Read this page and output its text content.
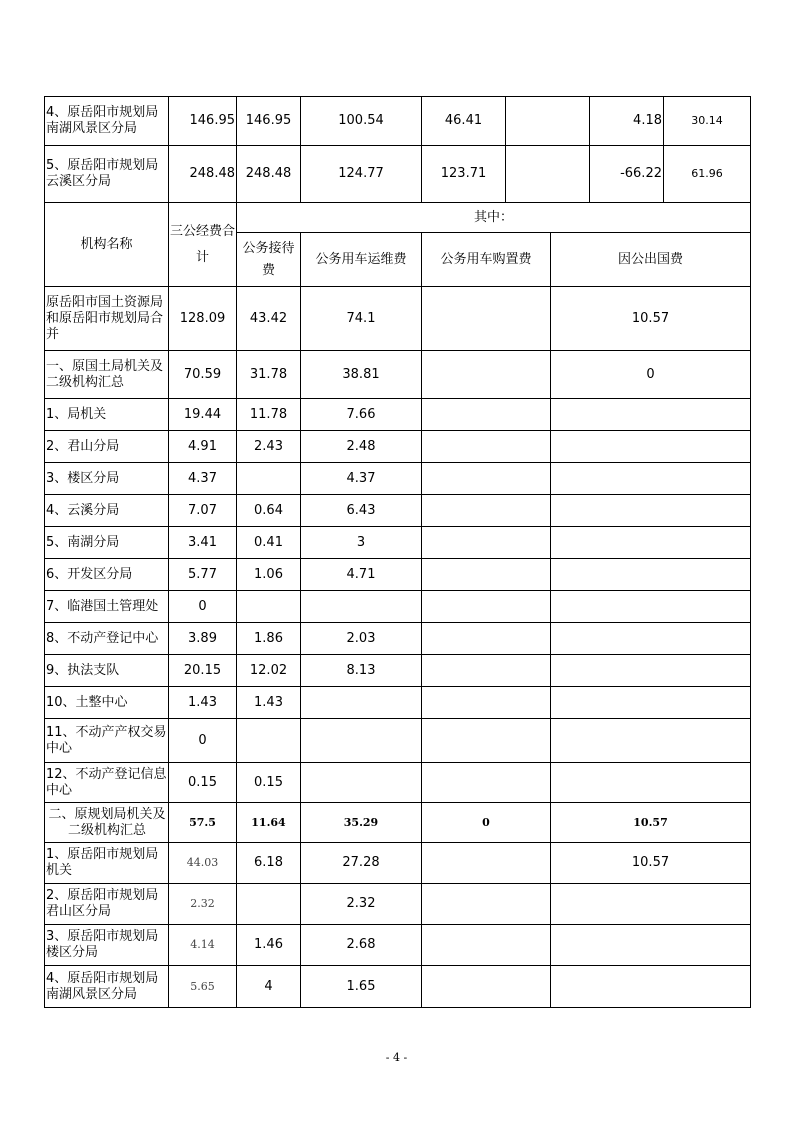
4、原岳阳市规划局南湖风景区分局	146.95	146.95	100.54	46.41		4.18	30.14
5、原岳阳市规划局云溪区分局	248.48	248.48	124.77	123.71		-66.22	61.96
机构名称	三公经费合计	其中：			
		公务接待费	公务用车运维费	公务用车购置费	因公出国费
原岳阳市国土资源局和原岳阳市规划局合并	128.09	43.42	74.1		10.57
一、原国土局机关及二级机构汇总	70.59	31.78	38.81		0
1、局机关	19.44	11.78	7.66		
2、君山分局	4.91	2.43	2.48		
3、楼区分局	4.37		4.37		
4、云溪分局	7.07	0.64	6.43		
5、南湖分局	3.41	0.41	3		
6、开发区分局	5.77	1.06	4.71		
7、临港国土管理处	0				
8、不动产登记中心	3.89	1.86	2.03		
9、执法支队	20.15	12.02	8.13		
10、土整中心	1.43	1.43			
11、不动产产权交易中心	0				
12、不动产登记信息中心	0.15	0.15			
二、原规划局机关及二级机构汇总	57.5	11.64	35.29	0	10.57
1、原岳阳市规划局机关	44.03	6.18	27.28		10.57
2、原岳阳市规划局君山区分局	2.32		2.32		
3、原岳阳市规划局楼区分局	4.14	1.46	2.68		
4、原岳阳市规划局南湖风景区分局	5.65	4	1.65		
- 4 -
